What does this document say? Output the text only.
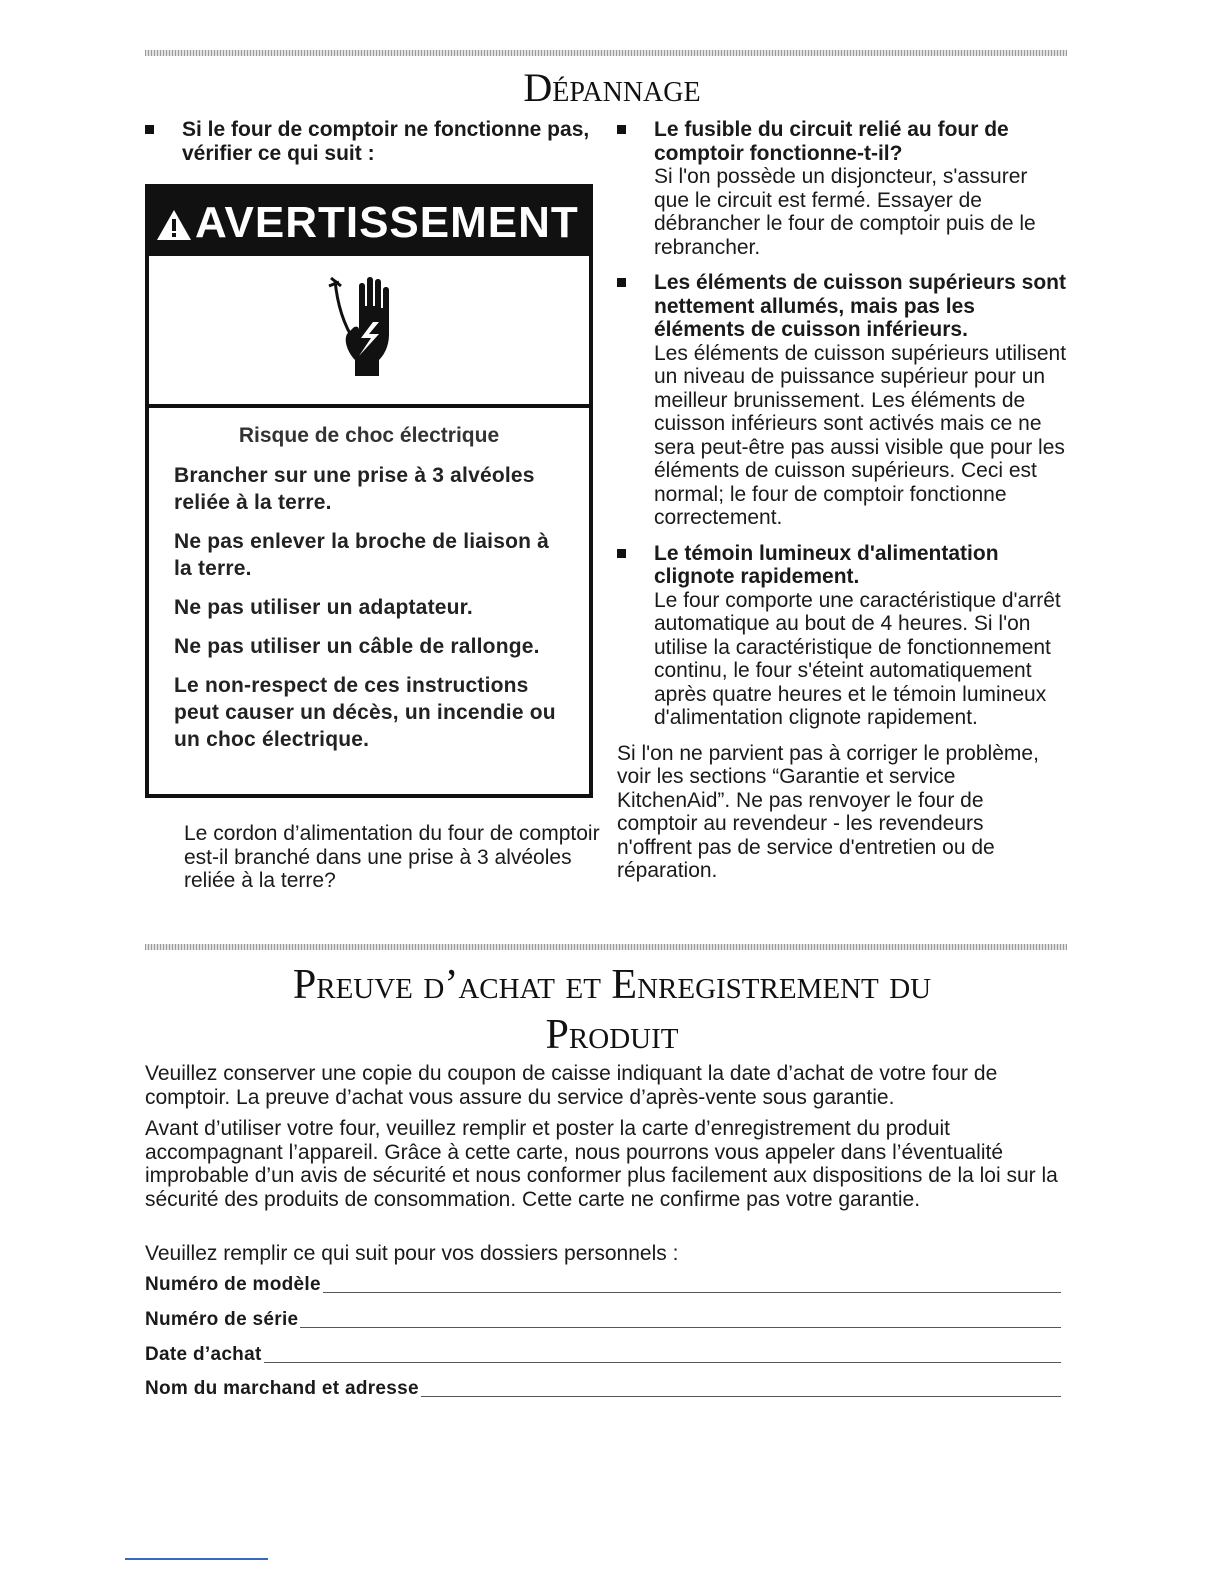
Dépannage
Si le four de comptoir ne fonctionne pas, vérifier ce qui suit :
AVERTISSEMENT
Risque de choc électrique
Brancher sur une prise à 3 alvéoles reliée à la terre.
Ne pas enlever la broche de liaison à la terre.
Ne pas utiliser un adaptateur.
Ne pas utiliser un câble de rallonge.
Le non-respect de ces instructions peut causer un décès, un incendie ou un choc électrique.

Le cordon d’alimentation du four de comptoir est-il branché dans une prise à 3 alvéoles reliée à la terre?

Le fusible du circuit relié au four de comptoir fonctionne-t-il?
Si l'on possède un disjoncteur, s'assurer que le circuit est fermé. Essayer de débrancher le four de comptoir puis de le rebrancher.
Les éléments de cuisson supérieurs sont nettement allumés, mais pas les éléments de cuisson inférieurs.
Les éléments de cuisson supérieurs utilisent un niveau de puissance supérieur pour un meilleur brunissement. Les éléments de cuisson inférieurs sont activés mais ce ne sera peut-être pas aussi visible que pour les éléments de cuisson supérieurs. Ceci est normal; le four de comptoir fonctionne correctement.
Le témoin lumineux d'alimentation clignote rapidement.
Le four comporte une caractéristique d'arrêt automatique au bout de 4 heures. Si l'on utilise la caractéristique de fonctionnement continu, le four s'éteint automatiquement après quatre heures et le témoin lumineux d'alimentation clignote rapidement.

Si l'on ne parvient pas à corriger le problème, voir les sections “Garantie et service KitchenAid”. Ne pas renvoyer le four de comptoir au revendeur - les revendeurs n'offrent pas de service d'entretien ou de réparation.

Preuve d’achat et Enregistrement du
Produit

Veuillez conserver une copie du coupon de caisse indiquant la date d’achat de votre four de comptoir. La preuve d’achat vous assure du service d’après-vente sous garantie.

Avant d’utiliser votre four, veuillez remplir et poster la carte d’enregistrement du produit accompagnant l’appareil. Grâce à cette carte, nous pourrons vous appeler dans l’éventualité improbable d’un avis de sécurité et nous conformer plus facilement aux dispositions de la loi sur la sécurité des produits de consommation. Cette carte ne confirme pas votre garantie.

Veuillez remplir ce qui suit pour vos dossiers personnels :

Numéro de modèle
Numéro de série
Date d’achat
Nom du marchand et adresse
